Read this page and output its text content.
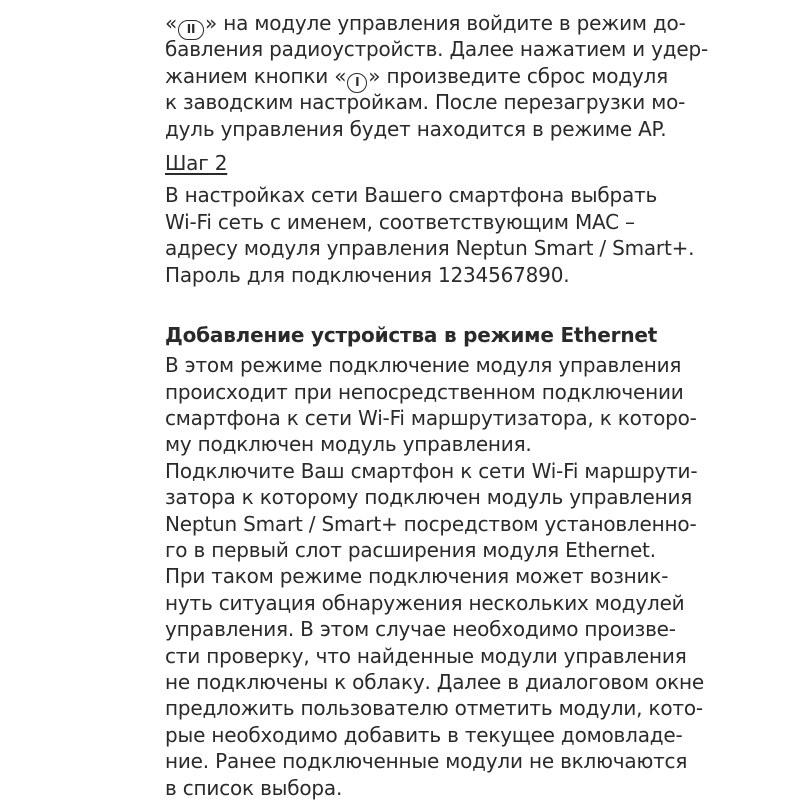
« II » на модуле управления войдите в режим до-
бавления радиоустройств. Далее нажатием и удер-
жанием кнопки « I » произведите сброс модуля
к заводским настройкам. После перезагрузки мо-
дуль управления будет находится в режиме AP.
Шаг 2
В настройках сети Вашего смартфона выбрать
Wi-Fi сеть с именем, соответствующим MAC –
адресу модуля управления Neptun Smart / Smart+.
Пароль для подключения 1234567890.
Добавление устройства в режиме Ethernet
В этом режиме подключение модуля управления
происходит при непосредственном подключении
смартфона к сети Wi-Fi маршрутизатора, к которо-
му подключен модуль управления.
Подключите Ваш смартфон к сети Wi-Fi маршрути-
затора к которому подключен модуль управления
Neptun Smart / Smart+ посредством установленно-
го в первый слот расширения модуля Ethernet.
При таком режиме подключения может возник-
нуть ситуация обнаружения нескольких модулей
управления. В этом случае необходимо произве-
сти проверку, что найденные модули управления
не подключены к облаку. Далее в диалоговом окне
предложить пользователю отметить модули, кото-
рые необходимо добавить в текущее домовладе-
ние. Ранее подключенные модули не включаются
в список выбора.
